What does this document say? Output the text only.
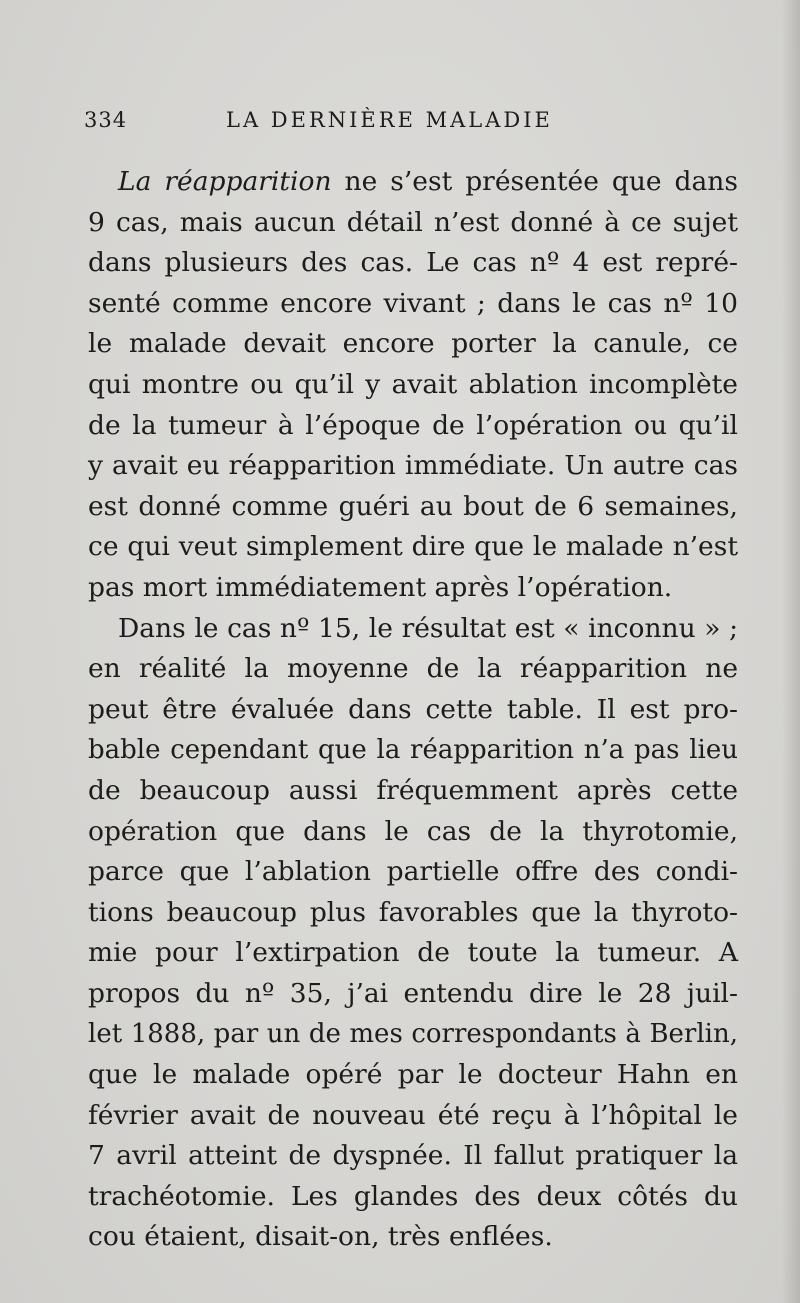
334	LA DERNIÈRE MALADIE
La réapparition ne s’est présentée que dans
9 cas, mais aucun détail n’est donné à ce sujet
dans plusieurs des cas. Le cas nº 4 est repré-
senté comme encore vivant ; dans le cas nº 10
le malade devait encore porter la canule, ce
qui montre ou qu’il y avait ablation incomplète
de la tumeur à l’époque de l’opération ou qu’il
y avait eu réapparition immédiate. Un autre cas
est donné comme guéri au bout de 6 semaines,
ce qui veut simplement dire que le malade n’est
pas mort immédiatement après l’opération.
Dans le cas nº 15, le résultat est « inconnu » ;
en réalité la moyenne de la réapparition ne
peut être évaluée dans cette table. Il est pro-
bable cependant que la réapparition n’a pas lieu
de beaucoup aussi fréquemment après cette
opération que dans le cas de la thyrotomie,
parce que l’ablation partielle offre des condi-
tions beaucoup plus favorables que la thyroto-
mie pour l’extirpation de toute la tumeur. A
propos du nº 35, j’ai entendu dire le 28 juil-
let 1888, par un de mes correspondants à Berlin,
que le malade opéré par le docteur Hahn en
février avait de nouveau été reçu à l’hôpital le
7 avril atteint de dyspnée. Il fallut pratiquer la
trachéotomie. Les glandes des deux côtés du
cou étaient, disait-on, très enflées.
